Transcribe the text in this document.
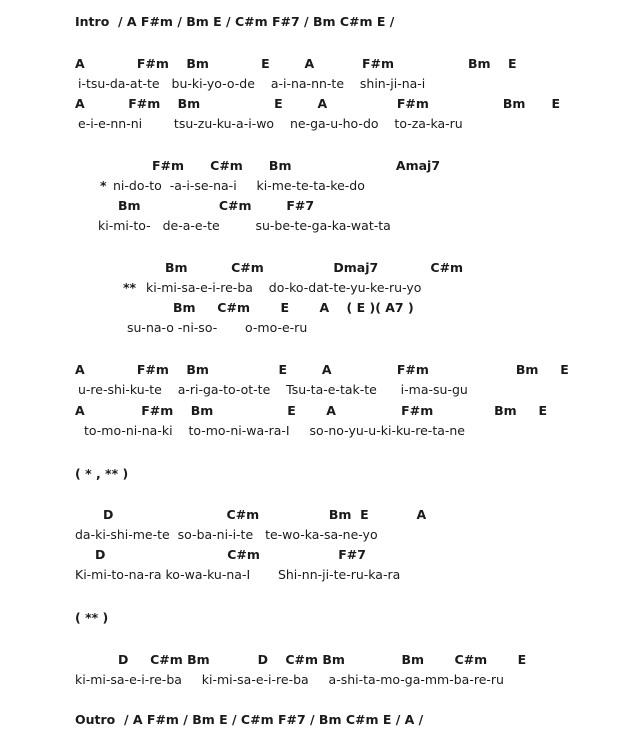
Intro  / A F#m / Bm E / C#m F#7 / Bm C#m E /
A            F#m    Bm            E        A           F#m                 Bm    E
i-tsu-da-at-te   bu-ki-yo-o-de    a-i-na-nn-te    shin-ji-na-i
A          F#m    Bm                 E        A                F#m                 Bm      E
e-i-e-nn-ni        tsu-zu-ku-a-i-wo    ne-ga-u-ho-do    to-za-ka-ru
F#m      C#m      Bm                        Amaj7
* ni-do-to  -a-i-se-na-i     ki-me-te-ta-ke-do
Bm                  C#m        F#7
ki-mi-to-   de-a-e-te         su-be-te-ga-ka-wat-ta
Bm          C#m                Dmaj7            C#m
** ki-mi-sa-e-i-re-ba    do-ko-dat-te-yu-ke-ru-yo
Bm     C#m       E       A    ( E )( A7 )
su-na-o -ni-so-       o-mo-e-ru
A            F#m    Bm                E        A               F#m                    Bm     E
u-re-shi-ku-te    a-ri-ga-to-ot-te    Tsu-ta-e-tak-te      i-ma-su-gu
A             F#m    Bm                 E       A               F#m              Bm     E
to-mo-ni-na-ki    to-mo-ni-wa-ra-I     so-no-yu-u-ki-ku-re-ta-ne
( * , ** )
D                          C#m                Bm  E           A
da-ki-shi-me-te  so-ba-ni-i-te   te-wo-ka-sa-ne-yo
D                            C#m                  F#7
Ki-mi-to-na-ra ko-wa-ku-na-I       Shi-nn-ji-te-ru-ka-ra
( ** )
D     C#m Bm           D    C#m Bm             Bm       C#m       E
ki-mi-sa-e-i-re-ba     ki-mi-sa-e-i-re-ba     a-shi-ta-mo-ga-mm-ba-re-ru
Outro  / A F#m / Bm E / C#m F#7 / Bm C#m E / A /
